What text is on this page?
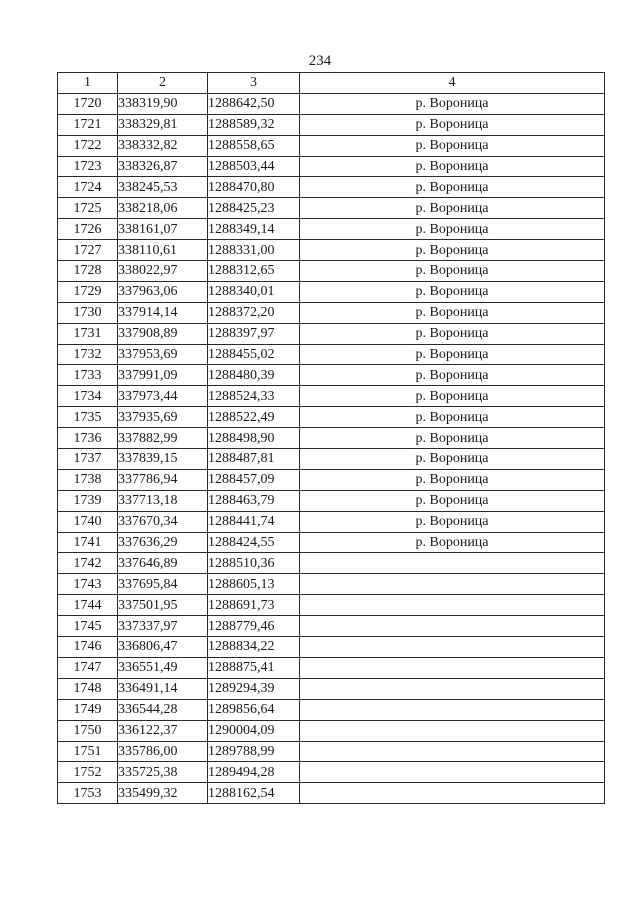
234
1	2	3	4
1720	338319,90	1288642,50	р. Вороница
1721	338329,81	1288589,32	р. Вороница
1722	338332,82	1288558,65	р. Вороница
1723	338326,87	1288503,44	р. Вороница
1724	338245,53	1288470,80	р. Вороница
1725	338218,06	1288425,23	р. Вороница
1726	338161,07	1288349,14	р. Вороница
1727	338110,61	1288331,00	р. Вороница
1728	338022,97	1288312,65	р. Вороница
1729	337963,06	1288340,01	р. Вороница
1730	337914,14	1288372,20	р. Вороница
1731	337908,89	1288397,97	р. Вороница
1732	337953,69	1288455,02	р. Вороница
1733	337991,09	1288480,39	р. Вороница
1734	337973,44	1288524,33	р. Вороница
1735	337935,69	1288522,49	р. Вороница
1736	337882,99	1288498,90	р. Вороница
1737	337839,15	1288487,81	р. Вороница
1738	337786,94	1288457,09	р. Вороница
1739	337713,18	1288463,79	р. Вороница
1740	337670,34	1288441,74	р. Вороница
1741	337636,29	1288424,55	р. Вороница
1742	337646,89	1288510,36	
1743	337695,84	1288605,13	
1744	337501,95	1288691,73	
1745	337337,97	1288779,46	
1746	336806,47	1288834,22	
1747	336551,49	1288875,41	
1748	336491,14	1289294,39	
1749	336544,28	1289856,64	
1750	336122,37	1290004,09	
1751	335786,00	1289788,99	
1752	335725,38	1289494,28	
1753	335499,32	1288162,54	
